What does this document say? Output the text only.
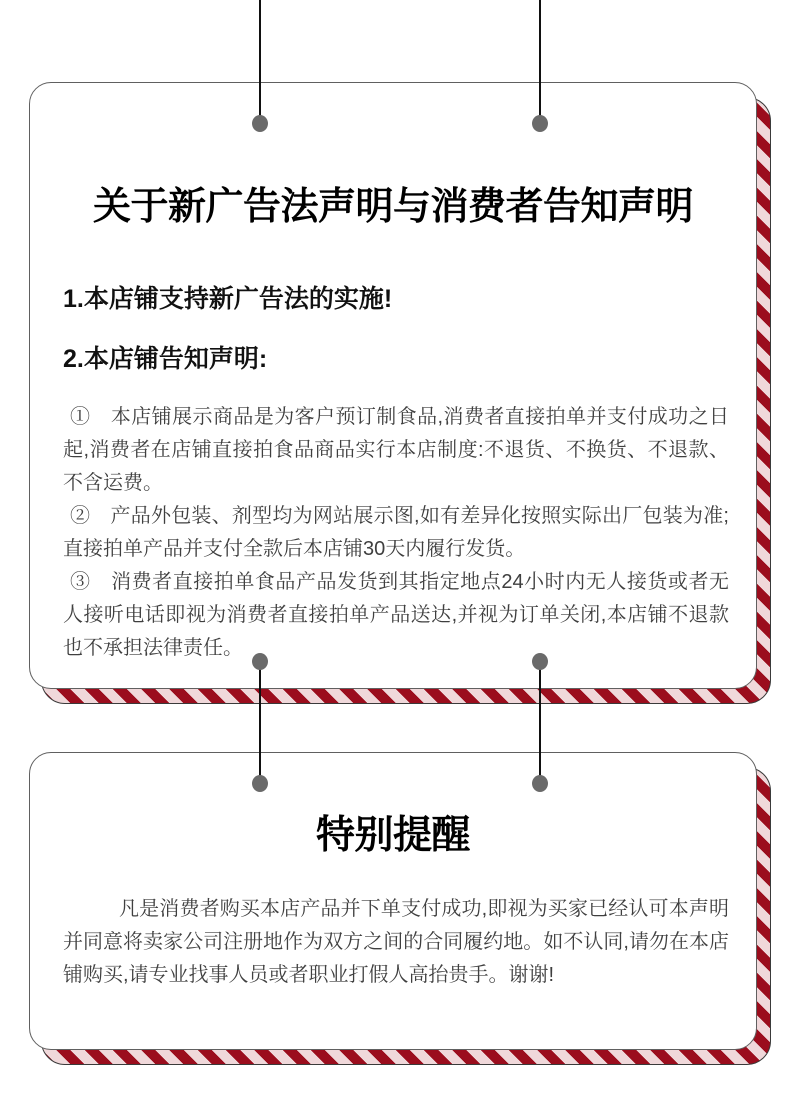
关于新广告法声明与消费者告知声明

1.本店铺支持新广告法的实施!

2.本店铺告知声明:

①　本店铺展示商品是为客户预订制食品,消费者直接拍单并支付成功之日起,消费者在店铺直接拍食品商品实行本店制度:不退货、不换货、不退款、不含运费。

②　产品外包装、剂型均为网站展示图,如有差异化按照实际出厂包装为准;直接拍单产品并支付全款后本店铺30天内履行发货。

③　消费者直接拍单食品产品发货到其指定地点24小时内无人接货或者无人接听电话即视为消费者直接拍单产品送达,并视为订单关闭,本店铺不退款也不承担法律责任。

特别提醒

凡是消费者购买本店产品并下单支付成功,即视为买家已经认可本声明并同意将卖家公司注册地作为双方之间的合同履约地。如不认同,请勿在本店铺购买,请专业找事人员或者职业打假人高抬贵手。谢谢!
